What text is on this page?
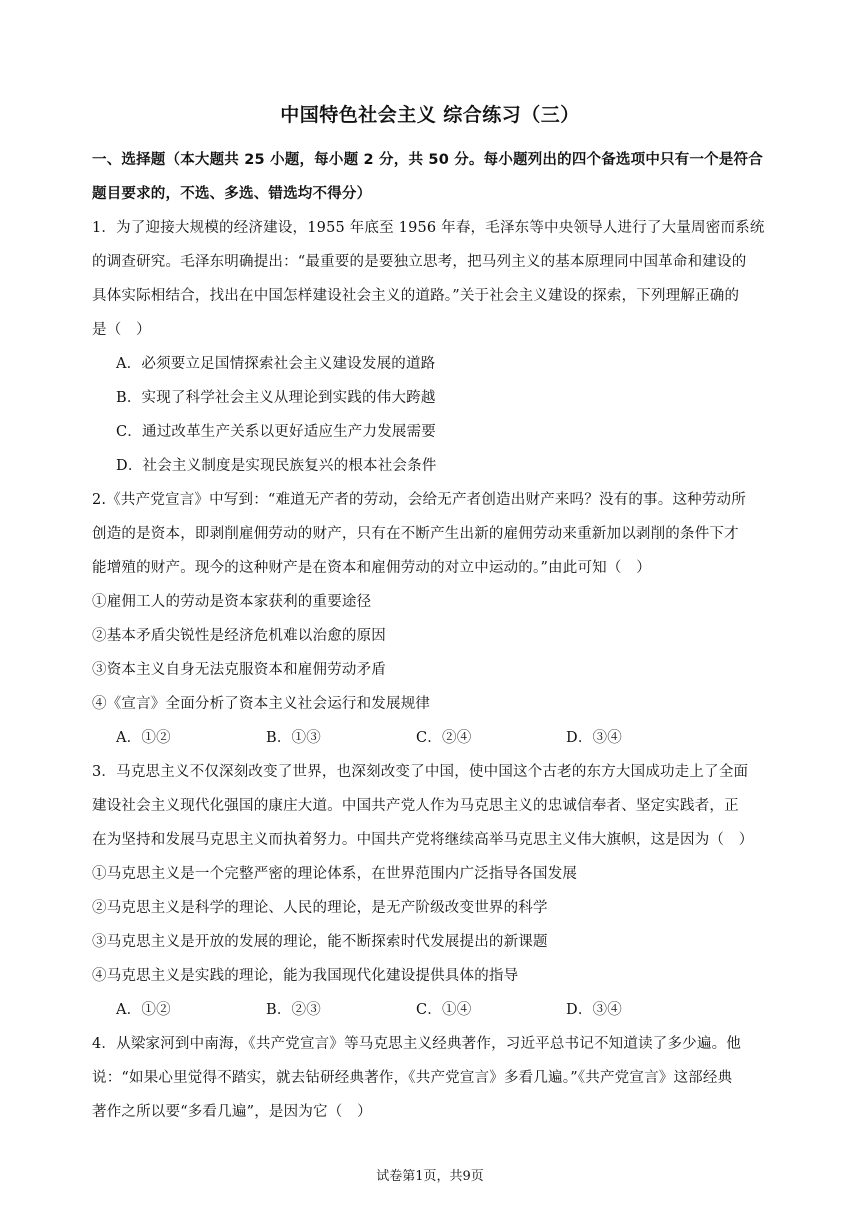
中国特色社会主义 综合练习（三）
一、选择题（本大题共 25 小题，每小题 2 分，共 50 分。每小题列出的四个备选项中只有一个是符合
题目要求的，不选、多选、错选均不得分）
1．为了迎接大规模的经济建设，1955 年底至 1956 年春，毛泽东等中央领导人进行了大量周密而系统
的调查研究。毛泽东明确提出：“最重要的是要独立思考，把马列主义的基本原理同中国革命和建设的
具体实际相结合，找出在中国怎样建设社会主义的道路。”关于社会主义建设的探索，下列理解正确的
是（　）
A．必须要立足国情探索社会主义建设发展的道路
B．实现了科学社会主义从理论到实践的伟大跨越
C．通过改革生产关系以更好适应生产力发展需要
D．社会主义制度是实现民族复兴的根本社会条件
2.《共产党宣言》中写到：“难道无产者的劳动，会给无产者创造出财产来吗？没有的事。这种劳动所
创造的是资本，即剥削雇佣劳动的财产，只有在不断产生出新的雇佣劳动来重新加以剥削的条件下才
能增殖的财产。现今的这种财产是在资本和雇佣劳动的对立中运动的。”由此可知（　）
①雇佣工人的劳动是资本家获利的重要途径
②基本矛盾尖锐性是经济危机难以治愈的原因
③资本主义自身无法克服资本和雇佣劳动矛盾
④《宣言》全面分析了资本主义社会运行和发展规律
A．①②	B．①③	C．②④	D．③④
3．马克思主义不仅深刻改变了世界，也深刻改变了中国，使中国这个古老的东方大国成功走上了全面
建设社会主义现代化强国的康庄大道。中国共产党人作为马克思主义的忠诚信奉者、坚定实践者，正
在为坚持和发展马克思主义而执着努力。中国共产党将继续高举马克思主义伟大旗帜，这是因为（　）
①马克思主义是一个完整严密的理论体系，在世界范围内广泛指导各国发展
②马克思主义是科学的理论、人民的理论，是无产阶级改变世界的科学
③马克思主义是开放的发展的理论，能不断探索时代发展提出的新课题
④马克思主义是实践的理论，能为我国现代化建设提供具体的指导
A．①②	B．②③	C．①④	D．③④
4．从梁家河到中南海，《共产党宣言》等马克思主义经典著作，习近平总书记不知道读了多少遍。他
说：“如果心里觉得不踏实，就去钻研经典著作，《共产党宣言》多看几遍。”《共产党宣言》这部经典
著作之所以要“多看几遍”，是因为它（　）
试卷第1页，共9页
